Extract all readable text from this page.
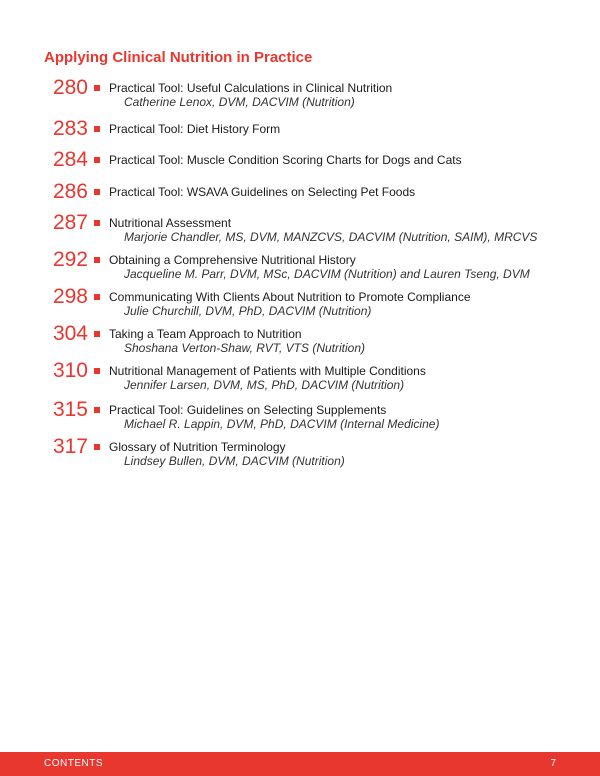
Applying Clinical Nutrition in Practice
280 Practical Tool: Useful Calculations in Clinical Nutrition
Catherine Lenox, DVM, DACVIM (Nutrition)
283 Practical Tool: Diet History Form
284 Practical Tool: Muscle Condition Scoring Charts for Dogs and Cats
286 Practical Tool: WSAVA Guidelines on Selecting Pet Foods
287 Nutritional Assessment
Marjorie Chandler, MS, DVM, MANZCVS, DACVIM (Nutrition, SAIM), MRCVS
292 Obtaining a Comprehensive Nutritional History
Jacqueline M. Parr, DVM, MSc, DACVIM (Nutrition) and Lauren Tseng, DVM
298 Communicating With Clients About Nutrition to Promote Compliance
Julie Churchill, DVM, PhD, DACVIM (Nutrition)
304 Taking a Team Approach to Nutrition
Shoshana Verton-Shaw, RVT, VTS (Nutrition)
310 Nutritional Management of Patients with Multiple Conditions
Jennifer Larsen, DVM, MS, PhD, DACVIM (Nutrition)
315 Practical Tool: Guidelines on Selecting Supplements
Michael R. Lappin, DVM, PhD, DACVIM (Internal Medicine)
317 Glossary of Nutrition Terminology
Lindsey Bullen, DVM, DACVIM (Nutrition)
CONTENTS	7
